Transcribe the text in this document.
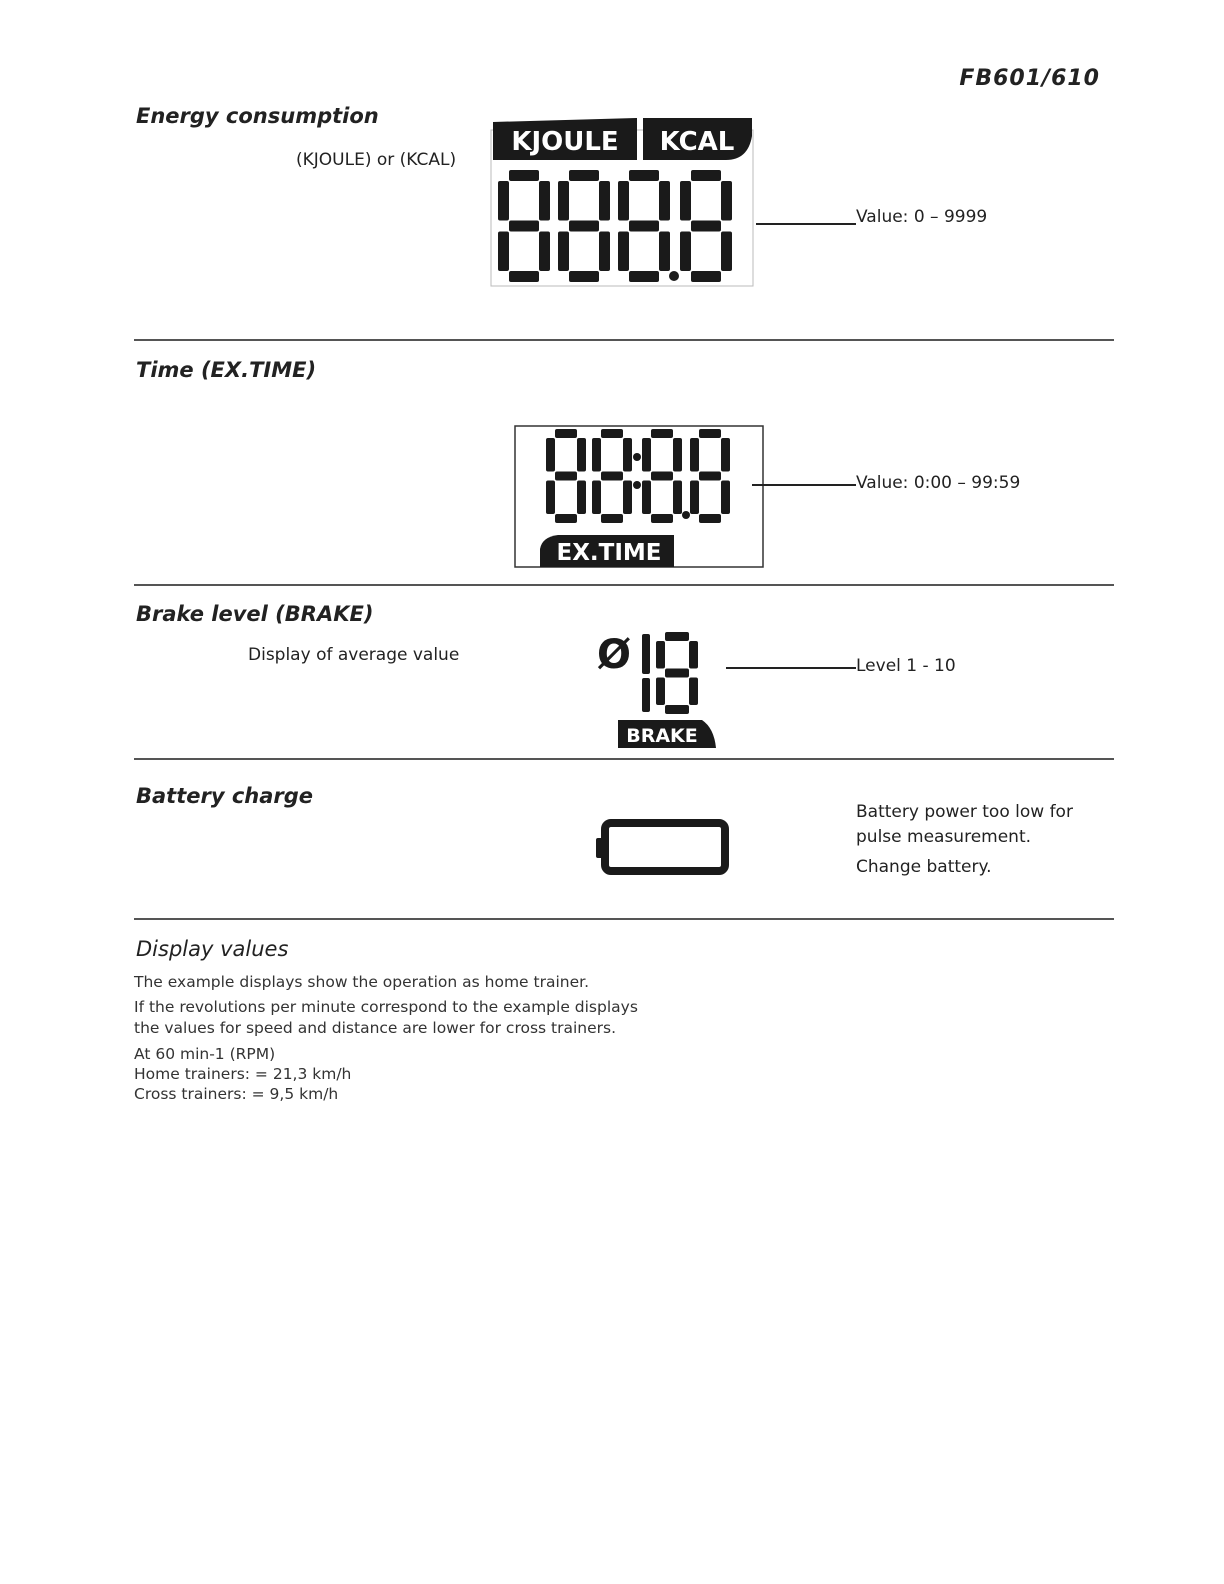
FB601/610
Energy consumption
(KJOULE) or (KCAL)
KJOULE KCAL
Value: 0 – 9999
Time (EX.TIME)
EX.TIME
Value: 0:00 – 99:59
Brake level (BRAKE)
Display of average value	Ø
BRAKE
Level 1 - 10
Battery charge
Battery power too low for
pulse measurement.
Change battery.
Display values
The example displays show the operation as home trainer.
If the revolutions per minute correspond to the example displays
the values for speed and distance are lower for cross trainers.
At 60 min-1 (RPM)
Home trainers: = 21,3 km/h
Cross trainers: = 9,5 km/h
